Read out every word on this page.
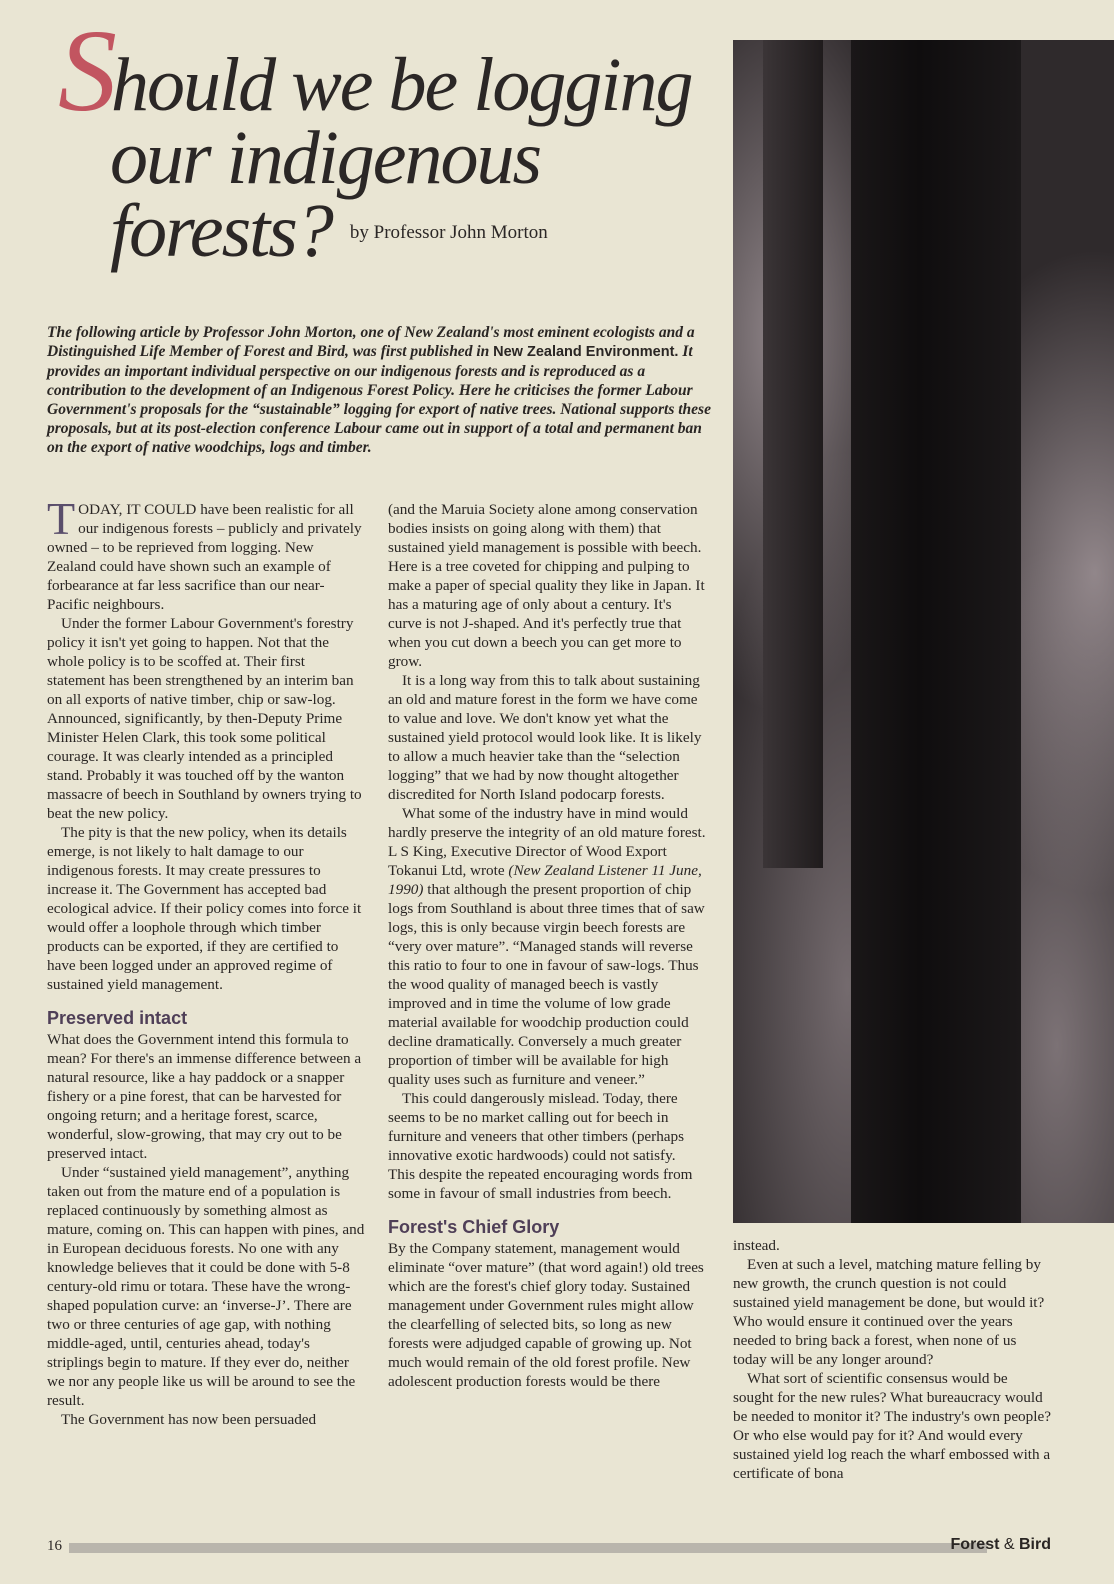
Should we be logging
our indigenous
forests? $^{by Professor John Morton}$
The following article by Professor John Morton, one of New Zealand's most eminent ecologists and a Distinguished Life Member of Forest and Bird, was first published in New Zealand Environment. It provides an important individual perspective on our indigenous forests and is reproduced as a contribution to the development of an Indigenous Forest Policy. Here he criticises the former Labour Government's proposals for the “sustainable” logging for export of native trees. National supports these proposals, but at its post-election conference Labour came out in support of a total and permanent ban on the export of native woodchips, logs and timber.

TODAY, IT COULD have been realistic for all our indigenous forests – publicly and privately owned – to be reprieved from logging. New Zealand could have shown such an example of forbearance at far less sacrifice than our near-Pacific neighbours.

Under the former Labour Government's forestry policy it isn't yet going to happen. Not that the whole policy is to be scoffed at. Their first statement has been strengthened by an interim ban on all exports of native timber, chip or saw-log. Announced, significantly, by then-Deputy Prime Minister Helen Clark, this took some political courage. It was clearly intended as a principled stand. Probably it was touched off by the wanton massacre of beech in Southland by owners trying to beat the new policy.

The pity is that the new policy, when its details emerge, is not likely to halt damage to our indigenous forests. It may create pressures to increase it. The Government has accepted bad ecological advice. If their policy comes into force it would offer a loophole through which timber products can be exported, if they are certified to have been logged under an approved regime of sustained yield management.

Preserved intact

What does the Government intend this formula to mean? For there's an immense difference between a natural resource, like a hay paddock or a snapper fishery or a pine forest, that can be harvested for ongoing return; and a heritage forest, scarce, wonderful, slow-growing, that may cry out to be preserved intact.

Under “sustained yield management”, anything taken out from the mature end of a population is replaced continuously by something almost as mature, coming on. This can happen with pines, and in European deciduous forests. No one with any knowledge believes that it could be done with 5-8 century-old rimu or totara. These have the wrong-shaped population curve: an ‘inverse-J’. There are two or three centuries of age gap, with nothing middle-aged, until, centuries ahead, today's striplings begin to mature. If they ever do, neither we nor any people like us will be around to see the result.

The Government has now been persuaded

(and the Maruia Society alone among conservation bodies insists on going along with them) that sustained yield management is possible with beech. Here is a tree coveted for chipping and pulping to make a paper of special quality they like in Japan. It has a maturing age of only about a century. It's curve is not J-shaped. And it's perfectly true that when you cut down a beech you can get more to grow.

It is a long way from this to talk about sustaining an old and mature forest in the form we have come to value and love. We don't know yet what the sustained yield protocol would look like. It is likely to allow a much heavier take than the “selection logging” that we had by now thought altogether discredited for North Island podocarp forests.

What some of the industry have in mind would hardly preserve the integrity of an old mature forest. L S King, Executive Director of Wood Export Tokanui Ltd, wrote (New Zealand Listener 11 June, 1990) that although the present proportion of chip logs from Southland is about three times that of saw logs, this is only because virgin beech forests are “very over mature”. “Managed stands will reverse this ratio to four to one in favour of saw-logs. Thus the wood quality of managed beech is vastly improved and in time the volume of low grade material available for woodchip production could decline dramatically. Conversely a much greater proportion of timber will be available for high quality uses such as furniture and veneer.”

This could dangerously mislead. Today, there seems to be no market calling out for beech in furniture and veneers that other timbers (perhaps innovative exotic hardwoods) could not satisfy. This despite the repeated encouraging words from some in favour of small industries from beech.

Forest's Chief Glory

By the Company statement, management would eliminate “over mature” (that word again!) old trees which are the forest's chief glory today. Sustained management under Government rules might allow the clearfelling of selected bits, so long as new forests were adjudged capable of growing up. Not much would remain of the old forest profile. New adolescent production forests would be there

instead.

Even at such a level, matching mature felling by new growth, the crunch question is not could sustained yield management be done, but would it? Who would ensure it continued over the years needed to bring back a forest, when none of us today will be any longer around?

What sort of scientific consensus would be sought for the new rules? What bureaucracy would be needed to monitor it? The industry's own people? Or who else would pay for it? And would every sustained yield log reach the wharf embossed with a certificate of bona

16	Forest & Bird
